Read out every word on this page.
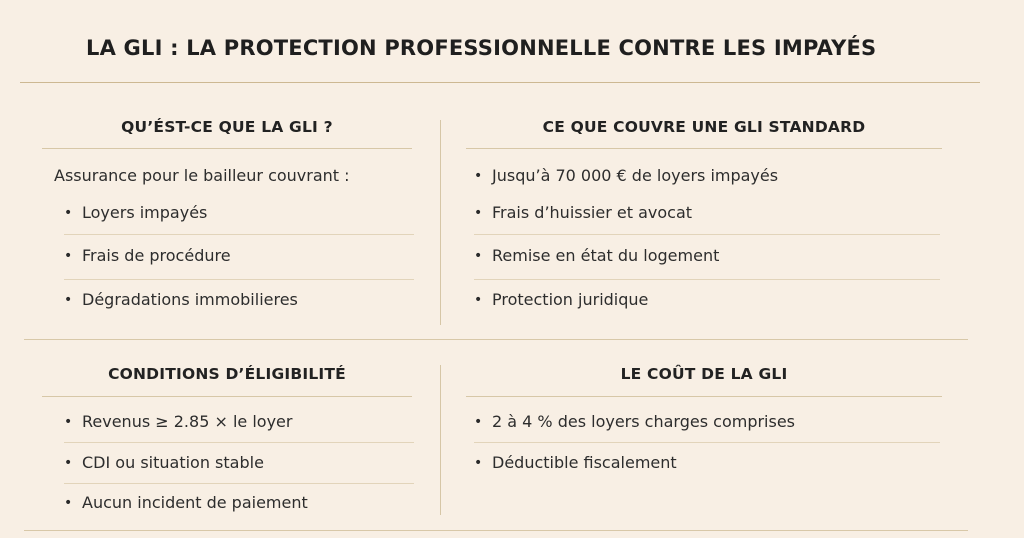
LA GLI : LA PROTECTION PROFESSIONNELLE CONTRE LES IMPAYÉS
QU’ÉST-CE QUE LA GLI ?
Assurance pour le bailleur couvrant :
• Loyers impayés
• Frais de procédure
• Dégradations immobilieres
CE QUE COUVRE UNE GLI STANDARD
• Jusqu’à 70 000 € de loyers impayés
• Frais d’huissier et avocat
• Remise en état du logement
• Protection juridique
CONDITIONS D’ÉLIGIBILITÉ
• Revenus ≥ 2.85 × le loyer
• CDI ou situation stable
• Aucun incident de paiement
LE COÛT DE LA GLI
• 2 à 4 % des loyers charges comprises
• Déductible fiscalement
